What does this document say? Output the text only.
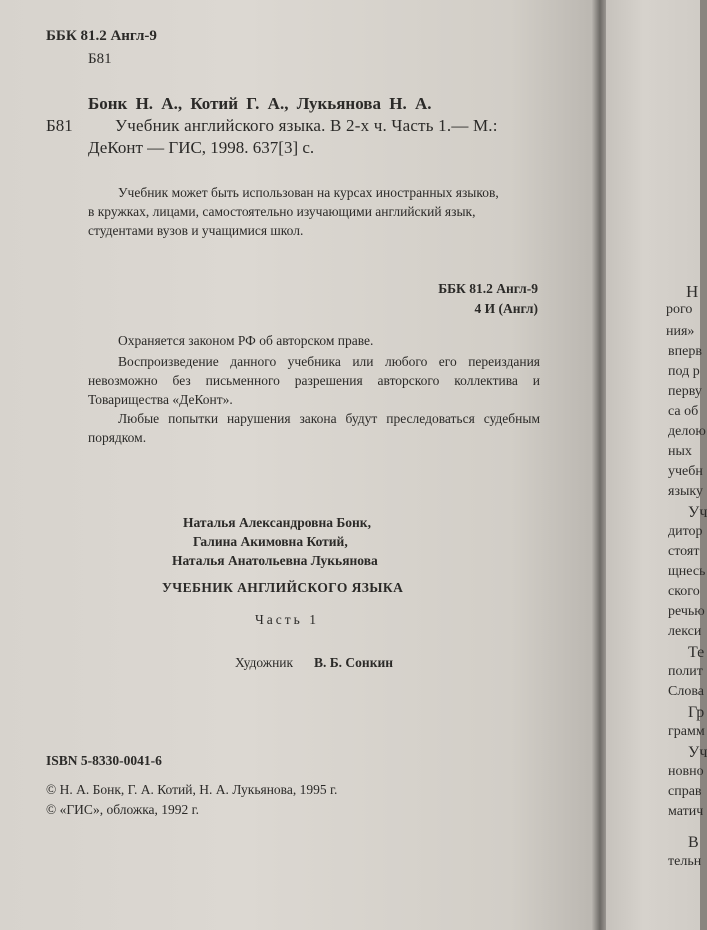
ББК 81.2 Англ-9
Б81
Бонк Н. А., Котий Г. А., Лукьянова Н. А.
Б81 Учебник английского языка. В 2-х ч. Часть 1.— М.:
ДеКонт — ГИС, 1998. 637[3] с.
Учебник может быть использован на курсах иностранных языков,
в кружках, лицами, самостоятельно изучающими английский язык,
студентами вузов и учащимися школ.
ББК 81.2 Англ-9
4 И (Англ)
Охраняется законом РФ об авторском праве.
Воспроизведение данного учебника или любого его переиздания невозможно без письменного разрешения авторского коллектива и Товарищества «ДеКонт».
Любые попытки нарушения закона будут преследоваться судебным порядком.
Наталья Александровна Бонк,
Галина Акимовна Котий,
Наталья Анатольевна Лукьянова
УЧЕБНИК АНГЛИЙСКОГО ЯЗЫКА
Часть 1
Художник В. Б. Сонкин
ISBN 5-8330-0041-6
© Н. А. Бонк, Г. А. Котий, Н. А. Лукьянова, 1995 г.
© «ГИС», обложка, 1992 г.
Н
рого
ния»
вперв
под р
перву
са об
делою
ных
учебн
языку
Уч
дитор
стоят
щнесь
ского
речью
лекси
Те
полит
Слова
Гр
грамм
Уч
новно
справ
матич
В
тельн
